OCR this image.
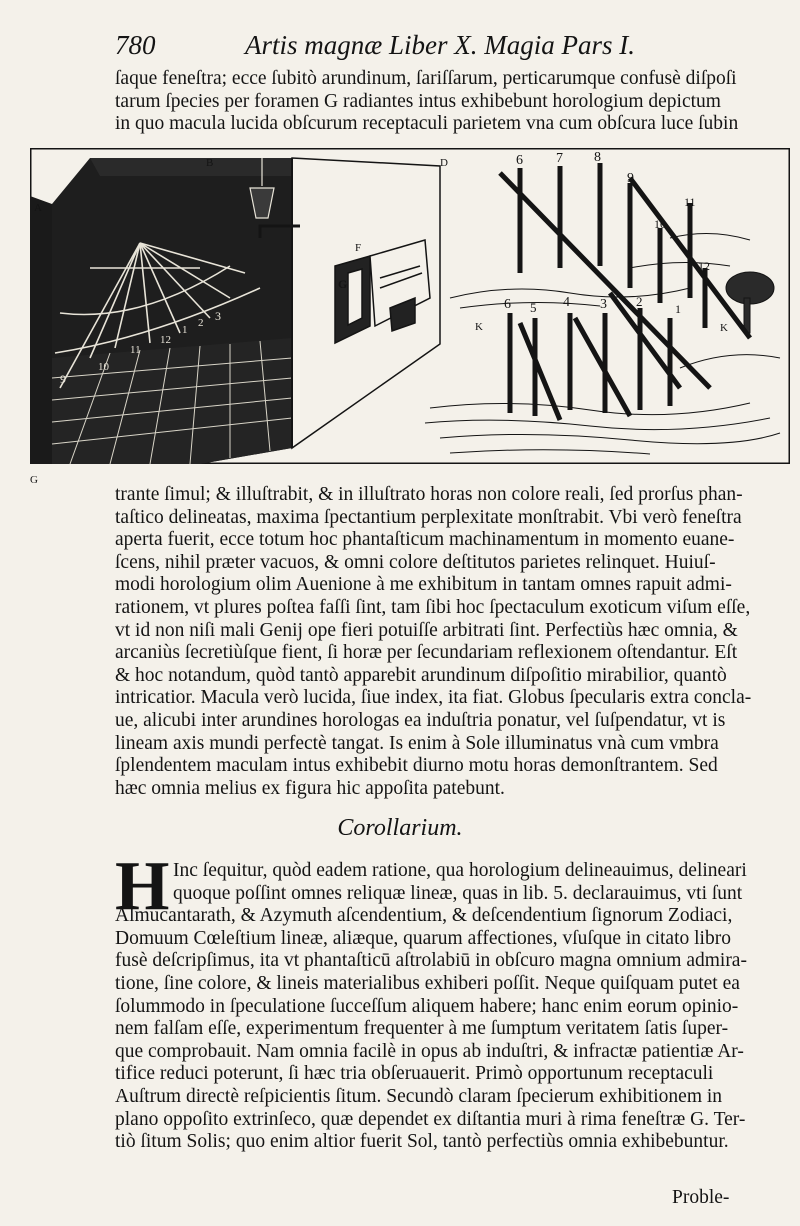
780	Artis magnæ Liber X. Magia Pars I.
ſaque feneſtra; ecce ſubitò arundinum, ſariſſarum, perticarumque confusè diſpoſi
tarum ſpecies per foramen G radiantes intus exhibebunt horologium depictum
in quo macula lucida obſcurum receptaculi parietem vna cum obſcura luce ſubin
9
10
11
12
1
2 3
F
G
A
B	D	6 7 8
9
10
11
12
1
6 5 4 3 2
K	K
G
trante ſimul; & illuſtrabit, & in illuſtrato horas non colore reali, ſed prorſus phan-
taſtico delineatas, maxima ſpectantium perplexitate monſtrabit. Vbi verò feneſtra
aperta fuerit, ecce totum hoc phantaſticum machinamentum in momento euane-
ſcens, nihil præter vacuos, & omni colore deſtitutos parietes relinquet. Huiuſ-
modi horologium olim Auenione à me exhibitum in tantam omnes rapuit admi-
rationem, vt plures poſtea faſſi ſint, tam ſibi hoc ſpectaculum exoticum viſum eſſe,
vt id non niſi mali Genij ope fieri potuiſſe arbitrati ſint. Perfectiùs hæc omnia, &
arcaniùs ſecretiùſque fient, ſi horæ per ſecundariam reflexionem oſtendantur. Eſt
& hoc notandum, quòd tantò apparebit arundinum diſpoſitio mirabilior, quantò
intricatior. Macula verò lucida, ſiue index, ita fiat. Globus ſpecularis extra concla-
ue, alicubi inter arundines horologas ea induſtria ponatur, vel ſuſpendatur, vt is
lineam axis mundi perfectè tangat. Is enim à Sole illuminatus vnà cum vmbra
ſplendentem maculam intus exhibebit diurno motu horas demonſtrantem. Sed
hæc omnia melius ex figura hic appoſita patebunt.
Corollarium.
H Inc ſequitur, quòd eadem ratione, qua horologium delineauimus, delineari
quoque poſſint omnes reliquæ lineæ, quas in lib. 5. declarauimus, vti ſunt
Almucantarath, & Azymuth aſcendentium, & deſcendentium ſignorum Zodiaci,
Domuum Cœleſtium lineæ, aliæque, quarum affectiones, vſuſque in citato libro
fusè deſcripſimus, ita vt phantaſticū aſtrolabiū in obſcuro magna omnium admira-
tione, ſine colore, & lineis materialibus exhiberi poſſit. Neque quiſquam putet ea
ſolummodo in ſpeculatione ſucceſſum aliquem habere; hanc enim eorum opinio-
nem falſam eſſe, experimentum frequenter à me ſumptum veritatem ſatis ſuper-
que comprobauit. Nam omnia facilè in opus ab induſtri, & infractæ patientiæ Ar-
tifice reduci poterunt, ſi hæc tria obſeruauerit. Primò opportunum receptaculi
Auſtrum directè reſpicientis ſitum. Secundò claram ſpecierum exhibitionem in
plano oppoſito extrinſeco, quæ dependet ex diſtantia muri à rima feneſtræ G. Ter-
tiò ſitum Solis; quo enim altior fuerit Sol, tantò perfectiùs omnia exhibebuntur.
Proble-
